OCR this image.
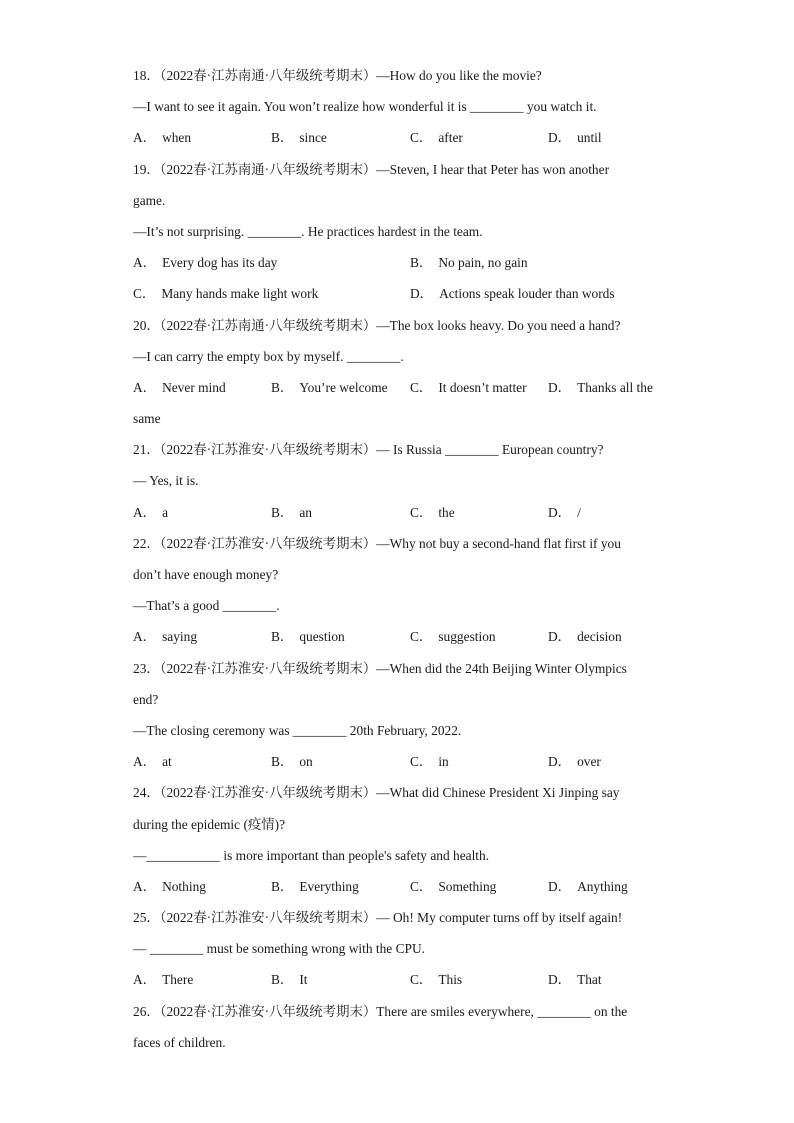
18．（2022春·江苏南通·八年级统考期末）—How do you like the movie?
—I want to see it again. You won’t realize how wonderful it is ________ you watch it.
A． when	B． since	C． after	D． until
19．（2022春·江苏南通·八年级统考期末）—Steven, I hear that Peter has won another
game.
—It’s not surprising. ________. He practices hardest in the team.
A． Every dog has its day	B． No pain, no gain
C． Many hands make light work	D． Actions speak louder than words
20．（2022春·江苏南通·八年级统考期末）—The box looks heavy. Do you need a hand?
—I can carry the empty box by myself. ________.
A． Never mind	B． You’re welcome C． It doesn’t matter D． Thanks all the
same
21．（2022春·江苏淮安·八年级统考期末）— Is Russia ________ European country?
— Yes, it is.
A． a	B． an	C． the	D． /
22．（2022春·江苏淮安·八年级统考期末）—Why not buy a second-hand flat first if you
don’t have enough money?
—That’s a good ________.
A． saying	B． question	C． suggestion	D． decision
23．（2022春·江苏淮安·八年级统考期末）—When did the 24th Beijing Winter Olympics
end?
—The closing ceremony was ________ 20th February, 2022.
A． at	B． on	C． in	D． over
24．（2022春·江苏淮安·八年级统考期末）—What did Chinese President Xi Jinping say
during the epidemic (疫情)?
—___________ is more important than people's safety and health.
A． Nothing	B． Everything	C． Something	D． Anything
25．（2022春·江苏淮安·八年级统考期末）— Oh! My computer turns off by itself again!
— ________ must be something wrong with the CPU.
A． There	B． It	C． This	D． That
26．（2022春·江苏淮安·八年级统考期末）There are smiles everywhere, ________ on the
faces of children.
